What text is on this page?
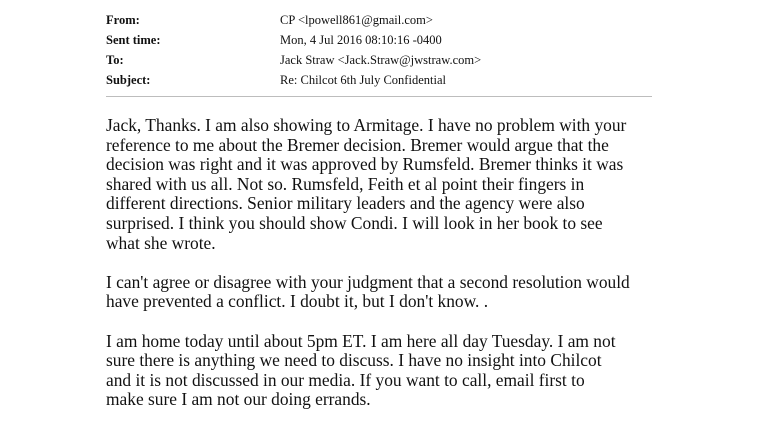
From:	CP <lpowell861@gmail.com>
Sent time:	Mon, 4 Jul 2016 08:10:16 -0400
To:	Jack Straw <Jack.Straw@jwstraw.com>
Subject:	Re: Chilcot 6th July Confidential

Jack, Thanks. I am also showing to Armitage. I have no problem with your
reference to me about the Bremer decision. Bremer would argue that the
decision was right and it was approved by Rumsfeld. Bremer thinks it was
shared with us all. Not so. Rumsfeld, Feith et al point their fingers in
different directions. Senior military leaders and the agency were also
surprised. I think you should show Condi. I will look in her book to see
what she wrote.

I can't agree or disagree with your judgment that a second resolution would
have prevented a conflict. I doubt it, but I don't know. .

I am home today until about 5pm ET. I am here all day Tuesday. I am not
sure there is anything we need to discuss. I have no insight into Chilcot
and it is not discussed in our media. If you want to call, email first to
make sure I am not our doing errands.
